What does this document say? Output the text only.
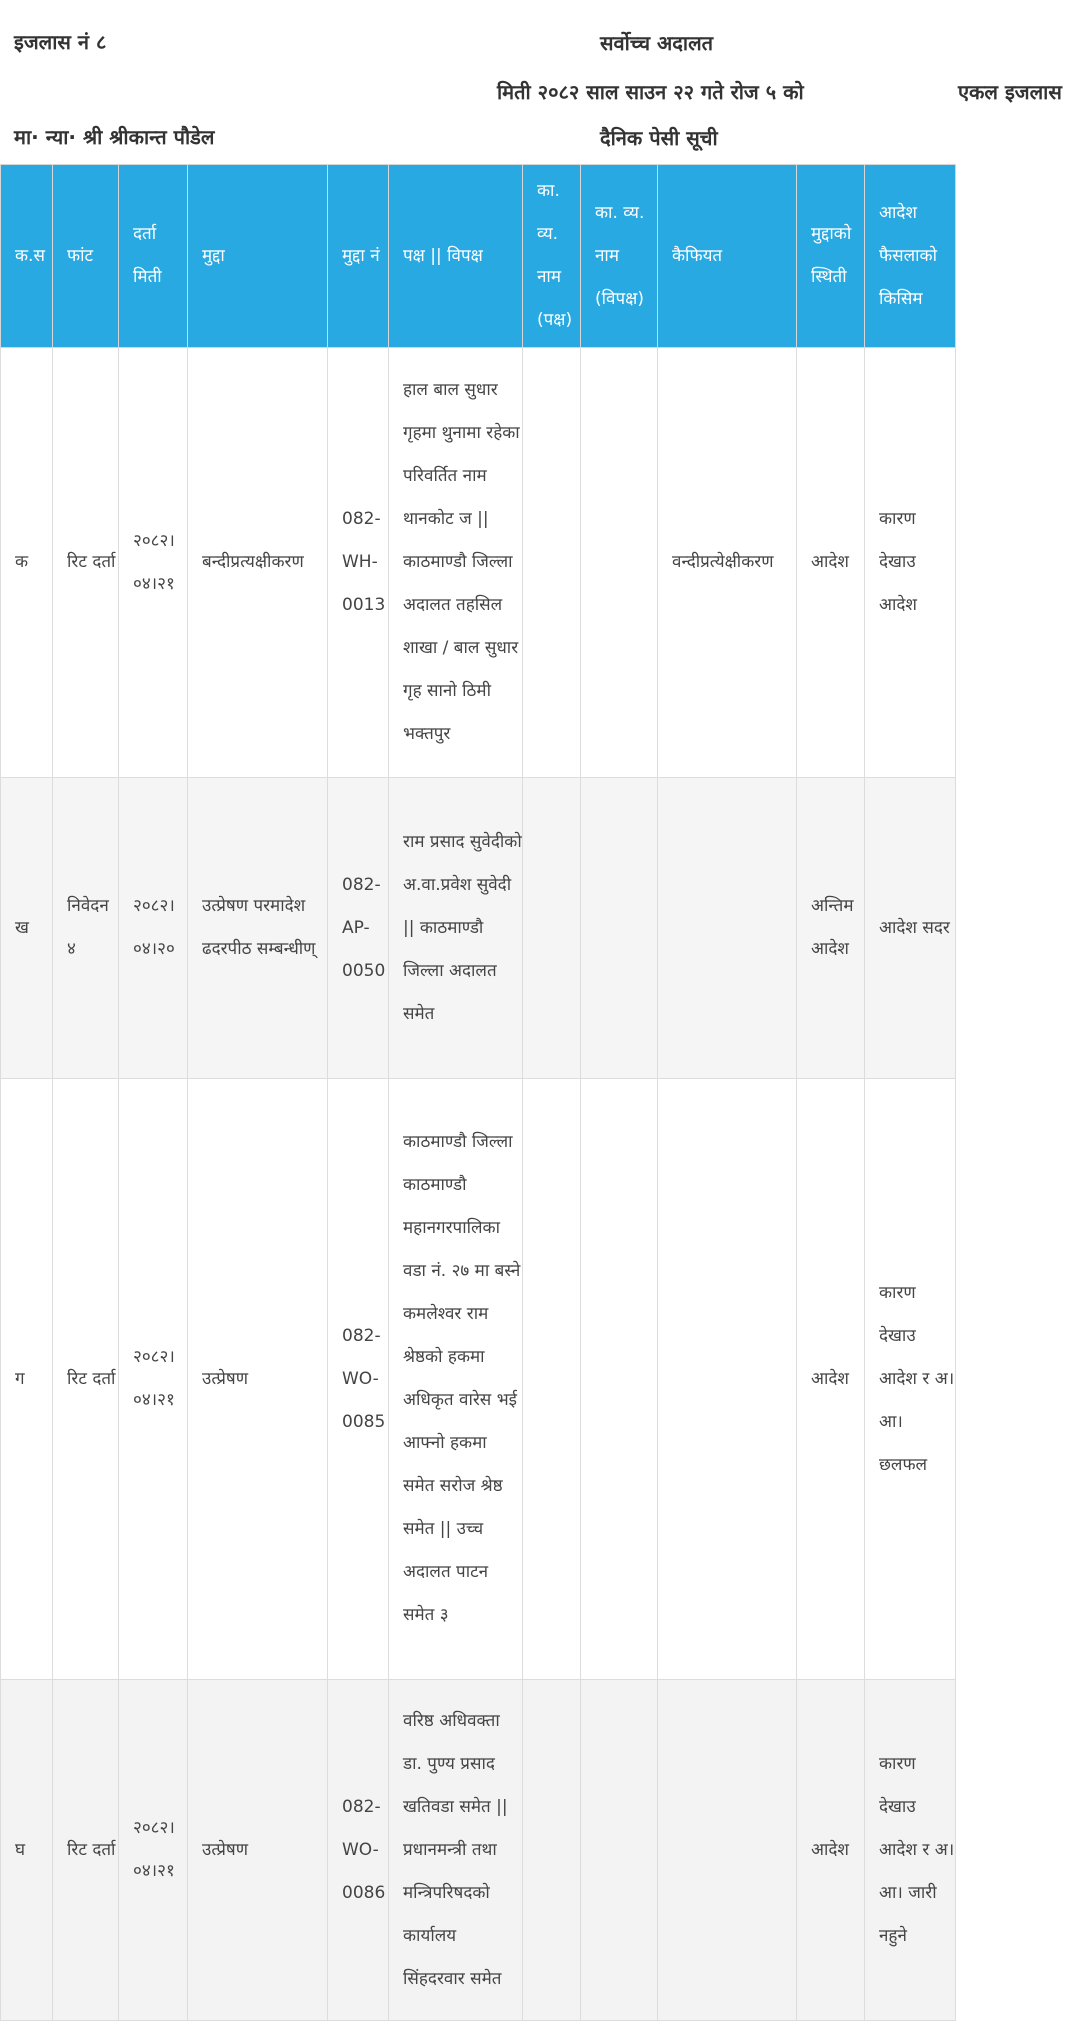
इजलास नं ८	सर्वोच्च अदालत
मिती २०८२ साल साउन २२ गते रोज ५ को	एकल इजलास
मा· न्या· श्री श्रीकान्त पौडेल	दैनिक पेसी सूची
क.स	फांट	दर्ता मिती	मुद्दा	मुद्दा नं	पक्ष || विपक्ष	का. व्य. नाम (पक्ष)	का. व्य. नाम (विपक्ष)	कैफियत	मुद्दाको स्थिती	आदेश फैसलाको किसिम
क	रिट दर्ता	२०८२।०४।२१	बन्दीप्रत्यक्षीकरण	082-WH-0013	हाल बाल सुधार गृहमा थुनामा रहेका परिवर्तित नाम थानकोट ज || काठमाण्डौ जिल्ला अदालत तहसिल शाखा / बाल सुधार गृह सानो ठिमी भक्तपुर			वन्दीप्रत्येक्षीकरण	आदेश	कारण देखाउ आदेश
ख	निवेदन ४	२०८२।०४।२०	उत्प्रेषण परमादेश ढदरपीठ सम्बन्धीण्	082-AP-0050	राम प्रसाद सुवेदीको अ.वा.प्रवेश सुवेदी || काठमाण्डौ जिल्ला अदालत समेत				अन्तिम आदेश	आदेश सदर
ग	रिट दर्ता	२०८२।०४।२१	उत्प्रेषण	082-WO-0085	काठमाण्डौ जिल्ला काठमाण्डौ महानगरपालिका वडा नं. २७ मा बस्ने कमलेश्वर राम श्रेष्ठको हकमा अधिकृत वारेस भई आफ्नो हकमा समेत सरोज श्रेष्ठ समेत || उच्च अदालत पाटन समेत ३				आदेश	कारण देखाउ आदेश र अ।आ। छलफल
घ	रिट दर्ता	२०८२।०४।२१	उत्प्रेषण	082-WO-0086	वरिष्ठ अधिवक्ता डा. पुण्य प्रसाद खतिवडा समेत || प्रधानमन्त्री तथा मन्त्रिपरिषदको कार्यालय सिंहदरवार समेत				आदेश	कारण देखाउ आदेश र अ।आ। जारी नहुने
